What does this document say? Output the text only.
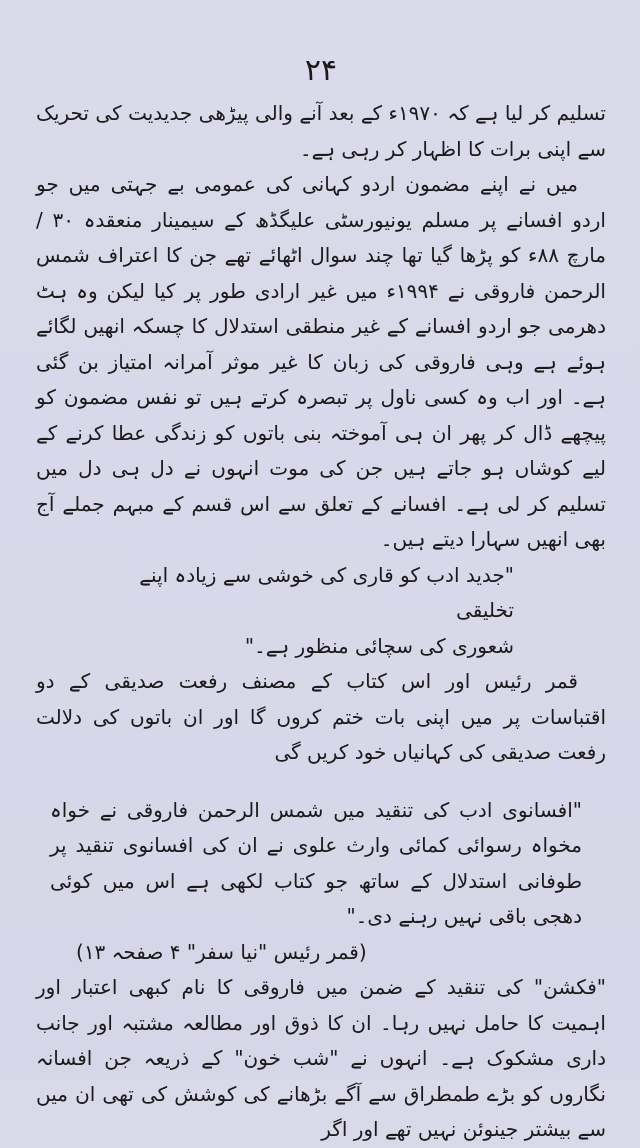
۲۴

تسلیم کر لیا ہے کہ ۱۹۷۰ء کے بعد آنے والی پیڑھی جدیدیت کی تحریک سے اپنی برات کا اظہار کر رہی ہے۔

میں نے اپنے مضمون اردو کہانی کی عمومی بے جہتی میں جو اردو افسانے پر مسلم یونیورسٹی علیگڈھ کے سیمینار منعقدہ ۳۰ / مارچ ۸۸ء کو پڑھا گیا تھا چند سوال اٹھائے تھے جن کا اعتراف شمس الرحمن فاروقی نے ۱۹۹۴ء میں غیر ارادی طور پر کیا لیکن وہ ہٹ دھرمی جو اردو افسانے کے غیر منطقی استدلال کا چسکہ انھیں لگائے ہوئے ہے وہی فاروقی کی زبان کا غیر موثر آمرانہ امتیاز بن گئی ہے۔ اور اب وہ کسی ناول پر تبصرہ کرتے ہیں تو نفس مضمون کو پیچھے ڈال کر پھر ان ہی آموختہ بنی باتوں کو زندگی عطا کرنے کے لیے کوشاں ہو جاتے ہیں جن کی موت انہوں نے دل ہی دل میں تسلیم کر لی ہے۔ افسانے کے تعلق سے اس قسم کے مبہم جملے آج بھی انھیں سہارا دیتے ہیں۔

"جدید ادب کو قاری کی خوشی سے زیادہ اپنے تخلیقی

شعوری کی سچائی منظور ہے۔"

قمر رئیس اور اس کتاب کے مصنف رفعت صدیقی کے دو اقتباسات پر میں اپنی بات ختم کروں گا اور ان باتوں کی دلالت رفعت صدیقی کی کہانیاں خود کریں گی

"افسانوی ادب کی تنقید میں شمس الرحمن فاروقی نے خواہ مخواہ رسوائی کمائی وارث علوی نے ان کی افسانوی تنقید پر طوفانی استدلال کے ساتھ جو کتاب لکھی ہے اس میں کوئی دھجی باقی نہیں رہنے دی۔"

(قمر رئیس "نیا سفر" ۴ صفحہ ۱۳)

"فکشن" کی تنقید کے ضمن میں فاروقی کا نام کبھی اعتبار اور اہمیت کا حامل نہیں رہا۔ ان کا ذوق اور مطالعہ مشتبہ اور جانب داری مشکوک ہے۔ انہوں نے "شب خون" کے ذریعہ جن افسانہ نگاروں کو بڑے طمطراق سے آگے بڑھانے کی کوشش کی تھی ان میں سے بیشتر جینوئن نہیں تھے اور اگر
